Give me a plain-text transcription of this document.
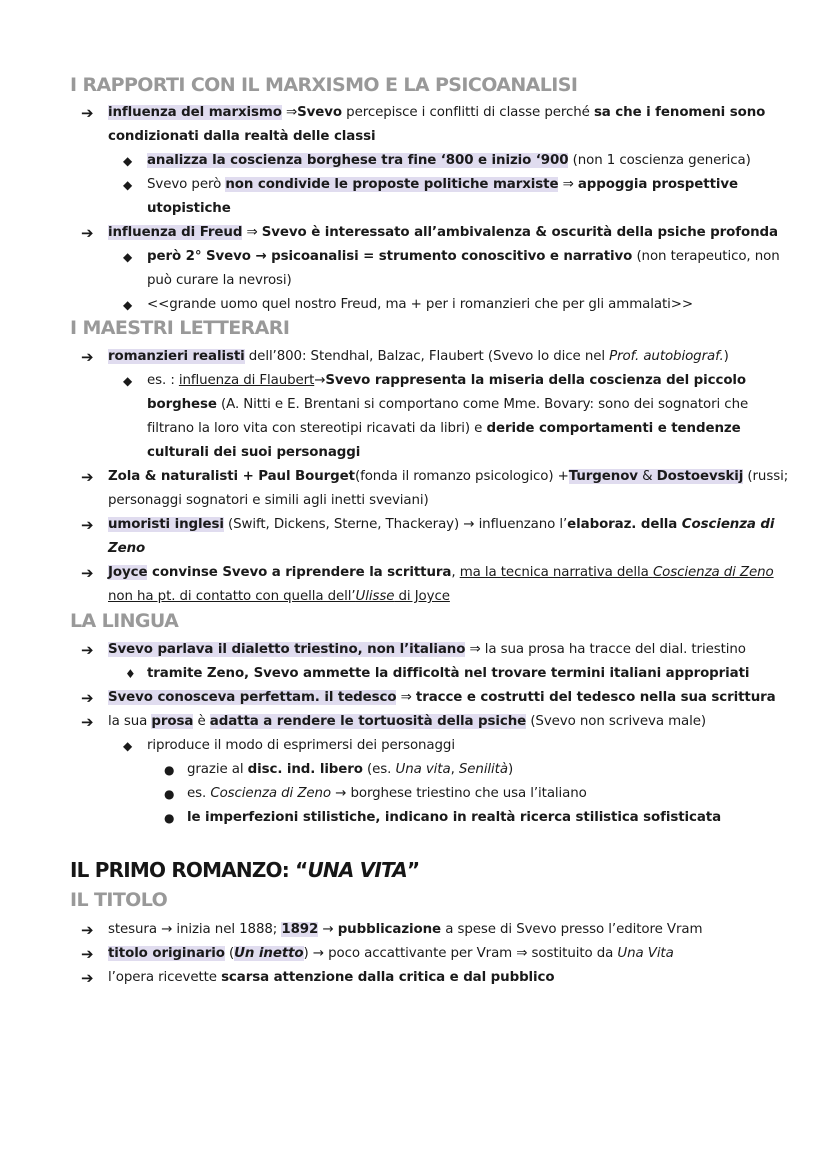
I RAPPORTI CON IL MARXISMO E LA PSICOANALISI
➔ influenza del marxismo ⇒Svevo percepisce i conflitti di classe perché sa che i fenomeni sono
condizionati dalla realtà delle classi
◆ analizza la coscienza borghese tra fine ‘800 e inizio ‘900 (non 1 coscienza generica)
◆ Svevo però non condivide le proposte politiche marxiste ⇒ appoggia prospettive
utopistiche
➔ influenza di Freud ⇒ Svevo è interessato all’ambivalenza & oscurità della psiche profonda
◆ però 2° Svevo → psicoanalisi = strumento conoscitivo e narrativo (non terapeutico, non
può curare la nevrosi)
◆ <<grande uomo quel nostro Freud, ma + per i romanzieri che per gli ammalati>>
I MAESTRI LETTERARI
➔ romanzieri realisti dell’800: Stendhal, Balzac, Flaubert (Svevo lo dice nel Prof. autobiograf.)
◆ es. : influenza di Flaubert→Svevo rappresenta la miseria della coscienza del piccolo
borghese (A. Nitti e E. Brentani si comportano come Mme. Bovary: sono dei sognatori che
filtrano la loro vita con stereotipi ricavati da libri) e deride comportamenti e tendenze
culturali dei suoi personaggi
➔ Zola & naturalisti + Paul Bourget(fonda il romanzo psicologico) +Turgenov & Dostoevskij (russi;
personaggi sognatori e simili agli inetti sveviani)
➔ umoristi inglesi (Swift, Dickens, Sterne, Thackeray) → influenzano l’elaboraz. della Coscienza di
Zeno
➔ Joyce convinse Svevo a riprendere la scrittura, ma la tecnica narrativa della Coscienza di Zeno
non ha pt. di contatto con quella dell’Ulisse di Joyce
LA LINGUA
➔ Svevo parlava il dialetto triestino, non l’italiano ⇒ la sua prosa ha tracce del dial. triestino
♦ tramite Zeno, Svevo ammette la difficoltà nel trovare termini italiani appropriati
➔ Svevo conosceva perfettam. il tedesco ⇒ tracce e costrutti del tedesco nella sua scrittura
➔ la sua prosa è adatta a rendere le tortuosità della psiche (Svevo non scriveva male)
◆ riproduce il modo di esprimersi dei personaggi
● grazie al disc. ind. libero (es. Una vita, Senilità)
● es. Coscienza di Zeno → borghese triestino che usa l’italiano
● le imperfezioni stilistiche, indicano in realtà ricerca stilistica sofisticata
IL PRIMO ROMANZO: “UNA VITA”
IL TITOLO
➔ stesura → inizia nel 1888; 1892 → pubblicazione a spese di Svevo presso l’editore Vram
➔ titolo originario (Un inetto) → poco accattivante per Vram ⇒ sostituito da Una Vita
➔ l’opera ricevette scarsa attenzione dalla critica e dal pubblico
